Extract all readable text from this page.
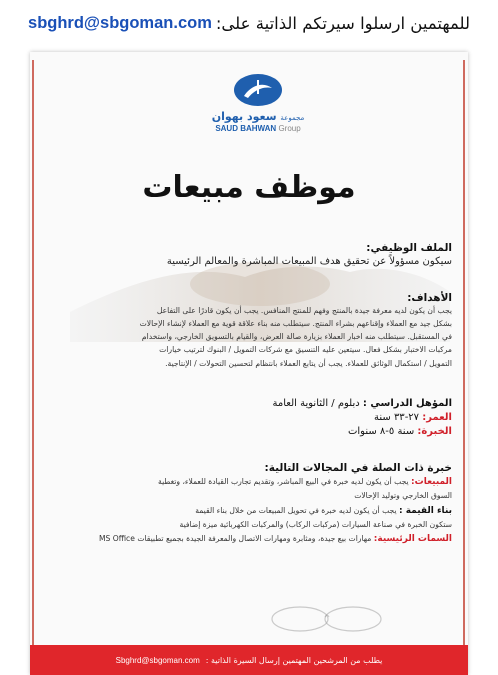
للمهتمين ارسلوا سيرتكم الذاتية على:
sbghrd@sbgoman.com
مجموعة سعود بهوان
SAUD BAHWAN Group
موظف مبيعات

الملف الوظيفي:

سيكون مسؤولاً عن تحقيق هدف المبيعات المباشرة والمعالم الرئيسية

الأهداف:

يجب أن يكون لديه معرفة جيدة بالمنتج وفهم للمنتج المنافس. يجب أن يكون قادرًا على التفاعل

بشكل جيد مع العملاء وإقناعهم بشراء المنتج. سيتطلب منه بناء علاقة قوية مع العملاء لإنشاء الإحالات

في المستقبل. سيتطلب منه اخبار العملاء بزيارة صالة العرض، والقيام بالتسويق الخارجي، واستخدام

مركبات الاختبار بشكل فعال. سيتعين عليه التنسيق مع شركات التمويل / البنوك لترتيب خيارات

التمويل / استكمال الوثائق للعملاء. يجب أن يتابع العملاء بانتظام لتحسين التحولات / الإنتاجية.

المؤهل الدراسي : دبلوم / الثانوية العامة

العمر: ٢٧-٣٣ سنة

الخبرة: سنة ٥-٨ سنوات

خبرة ذات الصلة في المجالات التالية:

المبيعات: يجب أن يكون لديه خبرة في البيع المباشر، وتقديم تجارب القيادة للعملاء، وتغطية

السوق الخارجي وتوليد الإحالات

بناء القيمة : يجب أن يكون لديه خبرة في تحويل المبيعات من خلال بناء القيمة

ستكون الخبرة في صناعة السيارات (مركبات الركاب) والمركبات الكهربائية ميزة إضافية

السمات الرئيسية: مهارات بيع جيدة، ومثابرة ومهارات الاتصال والمعرفة الجيدة بجميع تطبيقات MS Office

يطلب من المرشحين المهتمين إرسال السيرة الذاتية :
Sbghrd@sbgoman.com
